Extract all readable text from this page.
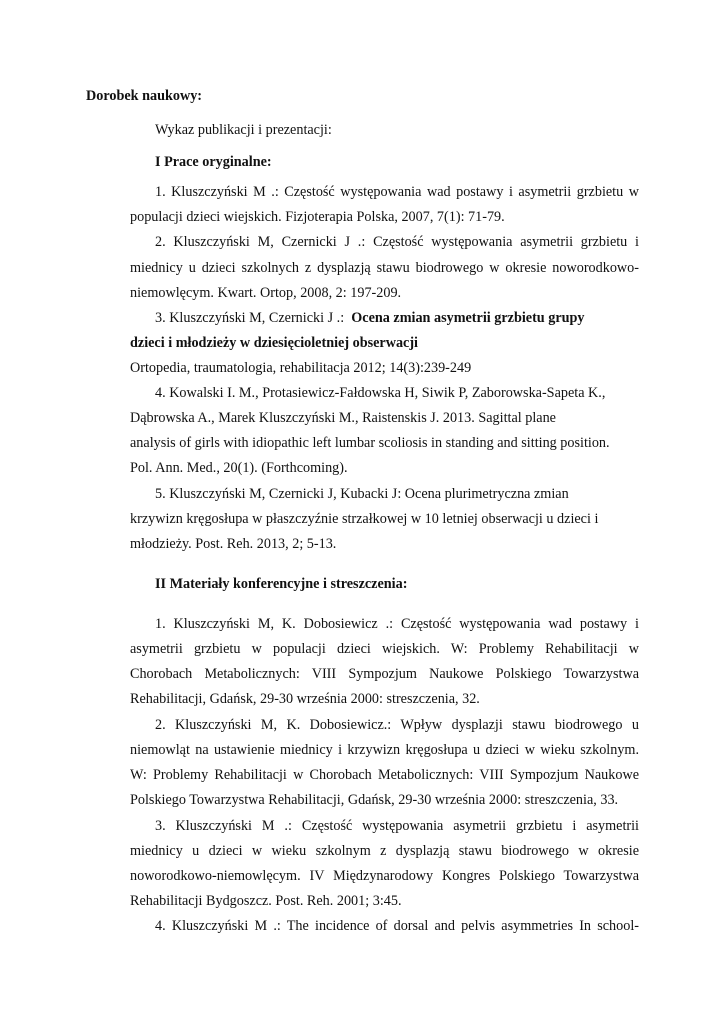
Dorobek naukowy:
Wykaz publikacji i prezentacji:
I Prace oryginalne:
1. Kluszczyński M .: Częstość występowania wad postawy i asymetrii grzbietu w
populacji dzieci wiejskich. Fizjoterapia Polska, 2007, 7(1): 71-79.
2. Kluszczyński M, Czernicki J .: Częstość występowania asymetrii grzbietu i
miednicy u dzieci szkolnych z dysplazją stawu biodrowego w okresie noworodkowo-
niemowlęcym. Kwart. Ortop, 2008, 2: 197-209.
3. Kluszczyński M, Czernicki J .: Ocena zmian asymetrii grzbietu grupy
dzieci i młodzieży w dziesięcioletniej obserwacji
Ortopedia, traumatologia, rehabilitacja 2012; 14(3):239-249
4. Kowalski I. M., Protasiewicz-Fałdowska H, Siwik P, Zaborowska-Sapeta K.,
Dąbrowska A., Marek Kluszczyński M., Raistenskis J. 2013. Sagittal plane
analysis of girls with idiopathic left lumbar scoliosis in standing and sitting position.
Pol. Ann. Med., 20(1). (Forthcoming).
5. Kluszczyński M, Czernicki J, Kubacki J: Ocena plurimetryczna zmian
krzywizn kręgosłupa w płaszczyźnie strzałkowej w 10 letniej obserwacji u dzieci i
młodzieży. Post. Reh. 2013, 2; 5-13.
II Materiały konferencyjne i streszczenia:
1. Kluszczyński M, K. Dobosiewicz .: Częstość występowania wad postawy i
asymetrii grzbietu w populacji dzieci wiejskich. W: Problemy Rehabilitacji w
Chorobach Metabolicznych: VIII Sympozjum Naukowe Polskiego Towarzystwa
Rehabilitacji, Gdańsk, 29-30 września 2000: streszczenia, 32.
2. Kluszczyński M, K. Dobosiewicz.: Wpływ dysplazji stawu biodrowego u
niemowląt na ustawienie miednicy i krzywizn kręgosłupa u dzieci w wieku szkolnym.
W: Problemy Rehabilitacji w Chorobach Metabolicznych: VIII Sympozjum Naukowe
Polskiego Towarzystwa Rehabilitacji, Gdańsk, 29-30 września 2000: streszczenia, 33.
3. Kluszczyński M .: Częstość występowania asymetrii grzbietu i asymetrii
miednicy u dzieci w wieku szkolnym z dysplazją stawu biodrowego w okresie
noworodkowo-niemowlęcym. IV Międzynarodowy Kongres Polskiego Towarzystwa
Rehabilitacji Bydgoszcz. Post. Reh. 2001; 3:45.
4. Kluszczyński M .: The incidence of dorsal and pelvis asymmetries In school-
